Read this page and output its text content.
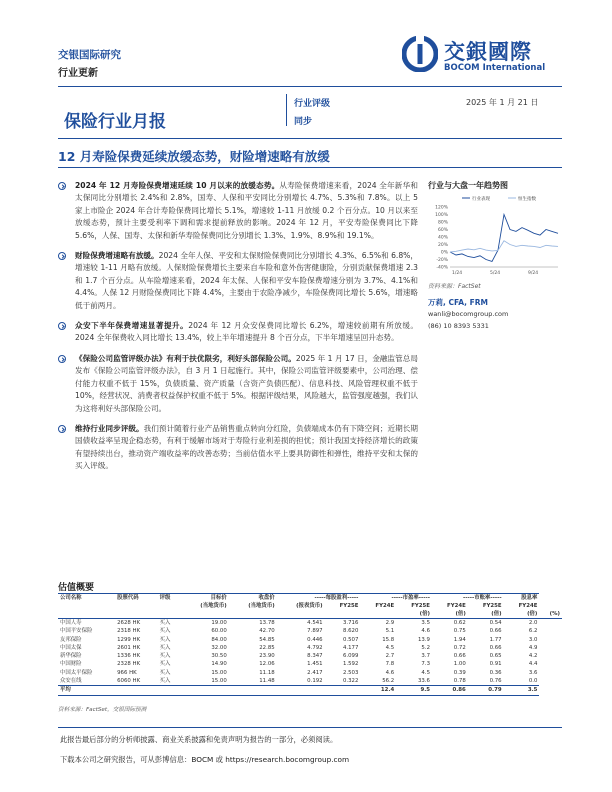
交银国际研究
行业更新
交銀國際
BOCOM International
保险行业月报
行业评级
同步
2025 年 1 月 21 日
12 月寿险保费延续放缓态势，财险增速略有放缓
2024 年 12 月寿险保费增速延续 10 月以来的放缓态势。从寿险保费增速来看，2024 全年新华和太保同比分别增长 2.4%和 2.8%，国寿、人保和平安同比分别增长 4.7%、5.3%和 7.8%。以上 5 家上市险企 2024 年合计寿险保费同比增长 5.1%，增速较 1-11 月放缓 0.2 个百分点。10 月以来至放缓态势，预计主要受利率下调和需求提前释放的影响。2024 年 12 月，平安寿险保费同比下降 5.6%，人保、国寿、太保和新华寿险保费同比分别增长 1.3%、1.9%、8.9%和 19.1%。
财险保费增速略有放缓。2024 全年人保、平安和太保财险保费同比分别增长 4.3%、6.5%和 6.8%，增速较 1-11 月略有放缓。人保财险保费增长主要来自车险和意外伤害健康险，分别贡献保费增速 2.3 和 1.7 个百分点。从车险增速来看，2024 年太保、人保和平安车险保费增速分别为 3.7%、4.1%和 4.4%。人保 12 月财险保费同比下降 4.4%，主要由于农险净减少，车险保费同比增长 5.6%，增速略低于前两月。
众安下半年保费增速显著提升。2024 年 12 月众安保费同比增长 6.2%，增速较前期有所放缓。2024 全年保费收入同比增长 13.4%，较上半年增速提升 8 个百分点，下半年增速呈回升态势。
《保险公司监管评级办法》有利于扶优限劣，利好头部保险公司。2025 年 1 月 17 日，金融监管总局发布《保险公司监管评级办法》，自 3 月 1 日起施行。其中，保险公司监管评级要素中，公司治理、偿付能力权重不低于 15%，负债质量、资产质量（含资产负债匹配）、信息科技、风险管理权重不低于 10%，经营状况、消费者权益保护权重不低于 5%。根据评级结果，风险越大，监管强度越强，我们认为这将利好头部保险公司。
维持行业同步评级。我们预计随着行业产品销售重点转向分红险，负债端成本仍有下降空间；近期长期国债收益率呈现企稳态势，有利于缓解市场对于寿险行业利差损的担忧；预计我国支持经济增长的政策有望持续出台，推动资产端收益率的改善态势；当前估值水平上要具防御性和弹性，维持平安和太保的买入评级。
行业与大盘一年趋势图
行业表现	恒生指数
120%
100%
80%
60%
40%
20%
0%
-20%
-40%
1/24	5/24	9/24
资料来源：FactSet
万莉, CFA, FRM
wanli@bocomgroup.com
(86) 10 8393 5331
估值概要
公司名称	股票代码	评级	目标价	收盘价	-----每股盈利-----		-----市盈率-----		-----市账率-----		股息率	
			(当地货币)	(当地货币)	(报表货币)	FY25E	FY24E	FY25E	FY24E	FY25E	FY24E	
								(倍)	(倍)	(倍)	(倍)	(%)
中国人寿	2628 HK	买入	19.00	13.78	4.541	3.716	2.9	3.5	0.62	0.54	2.0	
中国平安保险	2318 HK	买入	60.00	42.70	7.897	8.620	5.1	4.6	0.75	0.66	6.2	
友邦保险	1299 HK	买入	84.00	54.85	0.446	0.507	15.8	13.9	1.94	1.77	3.0	
中国太保	2601 HK	买入	32.00	22.85	4.792	4.177	4.5	5.2	0.72	0.66	4.9	
新华保险	1336 HK	买入	30.50	23.90	8.347	6.099	2.7	3.7	0.66	0.65	4.2	
中国财险	2328 HK	买入	14.90	12.06	1.451	1.592	7.8	7.3	1.00	0.91	4.4	
中国太平保险	966 HK	买入	15.00	11.18	2.417	2.503	4.6	4.5	0.39	0.36	3.6	
众安在线	6060 HK	买入	15.00	11.48	0.192	0.322	56.2	33.6	0.78	0.76	0.0	
平均							12.4	9.5	0.86	0.79	3.5	
资料来源：FactSet，交银国际预测
此报告最后部分的分析师披露、商业关系披露和免责声明为报告的一部分，必须阅读。
下载本公司之研究报告，可从彭博信息：BOCM 或 https://research.bocomgroup.com
